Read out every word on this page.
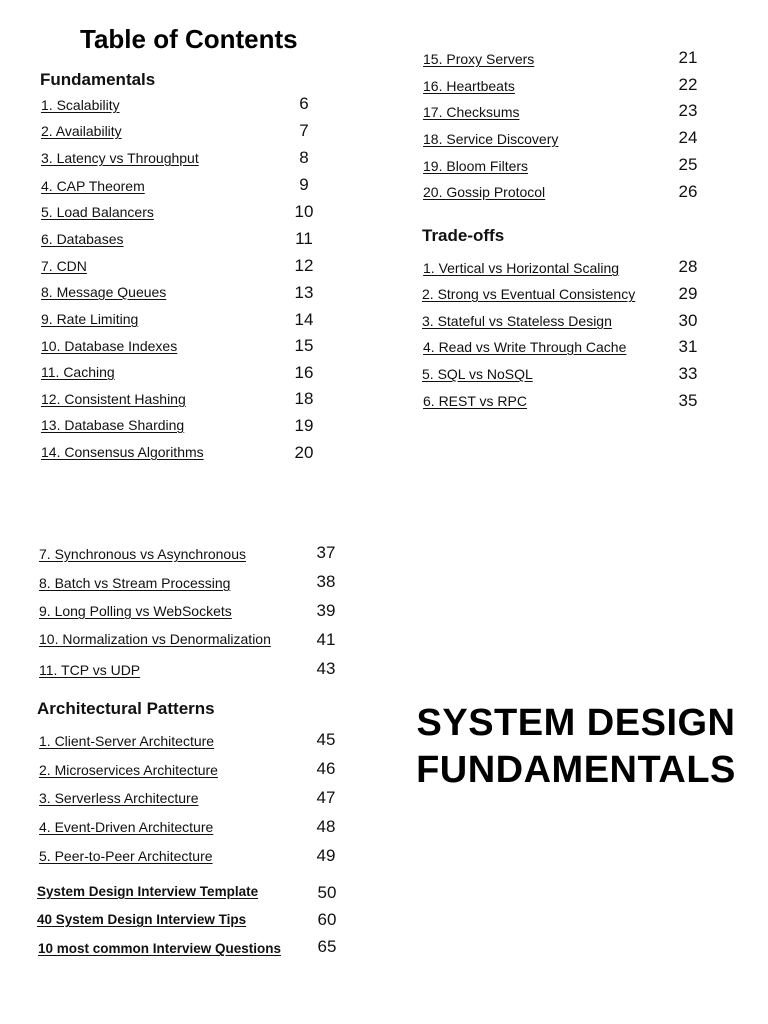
Table of Contents
Fundamentals
1. Scalability	6
2. Availability	7
3. Latency vs Throughput	8
4. CAP Theorem	9
5. Load Balancers	10
6. Databases	11
7. CDN	12
8. Message Queues	13
9. Rate Limiting	14
10. Database Indexes	15
11. Caching	16
12. Consistent Hashing	18
13. Database Sharding	19
14. Consensus Algorithms	20
15. Proxy Servers	21
16. Heartbeats	22
17. Checksums	23
18. Service Discovery	24
19. Bloom Filters	25
20. Gossip Protocol	26
Trade-offs
1. Vertical vs Horizontal Scaling	28
2. Strong vs Eventual Consistency	29
3. Stateful vs Stateless Design	30
4. Read vs Write Through Cache	31
5. SQL vs NoSQL	33
6. REST vs RPC	35
7. Synchronous vs Asynchronous	37
8. Batch vs Stream Processing	38
9. Long Polling vs WebSockets	39
10. Normalization vs Denormalization	41
11. TCP vs UDP	43
Architectural Patterns
1. Client-Server Architecture	45
2. Microservices Architecture	46
3. Serverless Architecture	47
4. Event-Driven Architecture	48
5. Peer-to-Peer Architecture	49
System Design Interview Template	50
40 System Design Interview Tips	60
10 most common Interview Questions	65
SYSTEM DESIGN
FUNDAMENTALS
